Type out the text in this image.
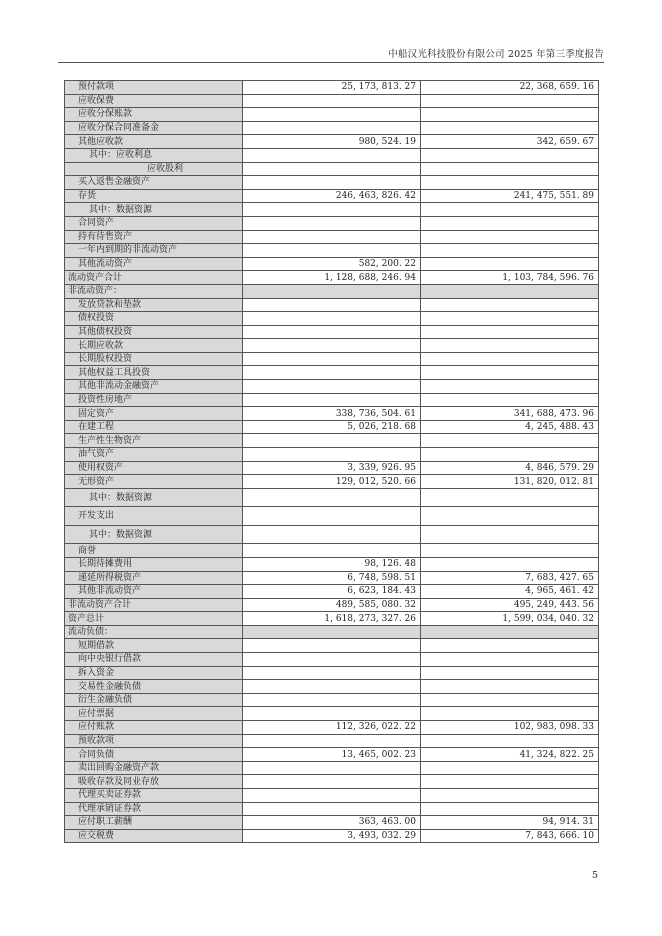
中船汉光科技股份有限公司 2025 年第三季度报告
预付款项	25, 173, 813. 27	22, 368, 659. 16
应收保费		
应收分保账款		
应收分保合同准备金		
其他应收款	980, 524. 19	342, 659. 67
其中：应收利息		
应收股利		
买入返售金融资产		
存货	246, 463, 826. 42	241, 475, 551. 89
其中：数据资源		
合同资产		
持有待售资产		
一年内到期的非流动资产		
其他流动资产	582, 200. 22	
流动资产合计	1, 128, 688, 246. 94	1, 103, 784, 596. 76
非流动资产：		
发放贷款和垫款		
债权投资		
其他债权投资		
长期应收款		
长期股权投资		
其他权益工具投资		
其他非流动金融资产		
投资性房地产		
固定资产	338, 736, 504. 61	341, 688, 473. 96
在建工程	5, 026, 218. 68	4, 245, 488. 43
生产性生物资产		
油气资产		
使用权资产	3, 339, 926. 95	4, 846, 579. 29
无形资产	129, 012, 520. 66	131, 820, 012. 81
其中：数据资源		
开发支出		
其中：数据资源		
商誉		
长期待摊费用	98, 126. 48	
递延所得税资产	6, 748, 598. 51	7, 683, 427. 65
其他非流动资产	6, 623, 184. 43	4, 965, 461. 42
非流动资产合计	489, 585, 080. 32	495, 249, 443. 56
资产总计	1, 618, 273, 327. 26	1, 599, 034, 040. 32
流动负债：		
短期借款		
向中央银行借款		
拆入资金		
交易性金融负债		
衍生金融负债		
应付票据		
应付账款	112, 326, 022. 22	102, 983, 098. 33
预收款项		
合同负债	13, 465, 002. 23	41, 324, 822. 25
卖出回购金融资产款		
吸收存款及同业存放		
代理买卖证券款		
代理承销证券款		
应付职工薪酬	363, 463. 00	94, 914. 31
应交税费	3, 493, 032. 29	7, 843, 666. 10
5
